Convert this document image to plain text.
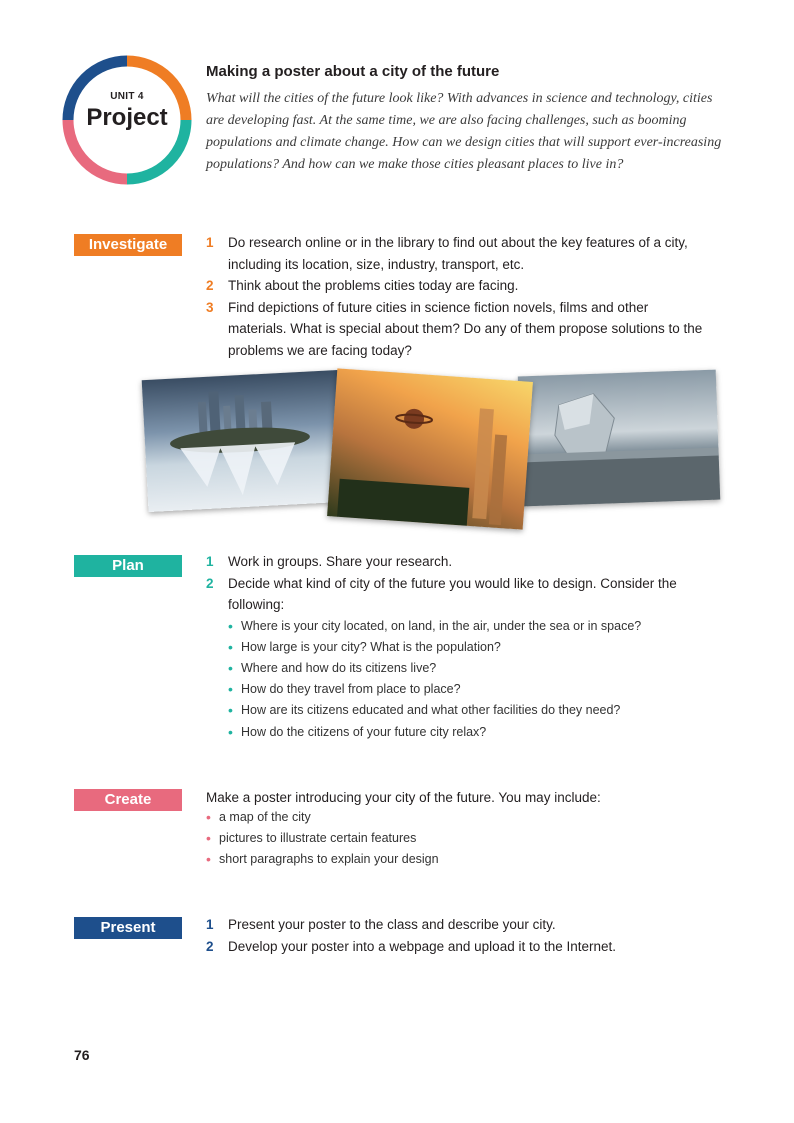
UNIT 4
Project
Making a poster about a city of the future

What will the cities of the future look like? With advances in science and technology, cities are developing fast. At the same time, we are also facing challenges, such as booming populations and climate change. How can we design cities that will support ever-increasing populations? And how can we make those cities pleasant places to live in?

Investigate	1	Do research online or in the library to find out about the key features of a city, including its location, size, industry, transport, etc.
2	Think about the problems cities today are facing.
3	Find depictions of future cities in science fiction novels, films and other materials. What is special about them? Do any of them propose solutions to the problems we are facing today?
Plan	1	Work in groups. Share your research.
2	Decide what kind of city of the future you would like to design. Consider the following:
• Where is your city located, on land, in the air, under the sea or in space?
• How large is your city? What is the population?
• Where and how do its citizens live?
• How do they travel from place to place?
• How are its citizens educated and what other facilities do they need?
• How do the citizens of your future city relax?
Create	Make a poster introducing your city of the future. You may include:
• a map of the city
• pictures to illustrate certain features
• short paragraphs to explain your design
Present	1	Present your poster to the class and describe your city.
2	Develop your poster into a webpage and upload it to the Internet.
76
